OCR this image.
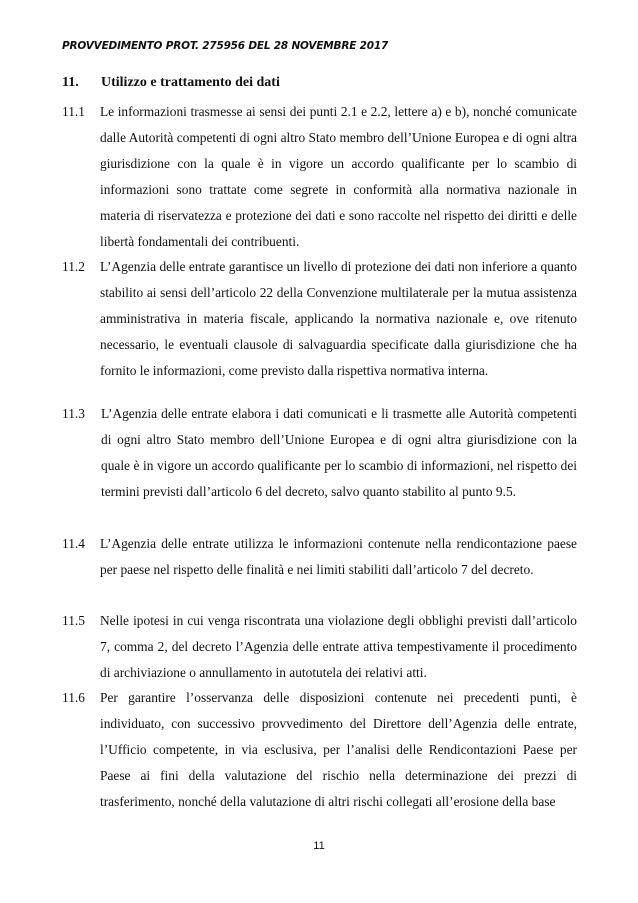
PROVVEDIMENTO PROT. 275956 DEL 28 NOVEMBRE 2017
11. Utilizzo e trattamento dei dati
11.1	Le informazioni trasmesse ai sensi dei punti 2.1 e 2.2, lettere a) e b), nonché comunicate dalle Autorità competenti di ogni altro Stato membro dell’Unione Europea e di ogni altra giurisdizione con la quale è in vigore un accordo qualificante per lo scambio di informazioni sono trattate come segrete in conformità alla normativa nazionale in materia di riservatezza e protezione dei dati e sono raccolte nel rispetto dei diritti e delle libertà fondamentali dei contribuenti.
11.2	L’Agenzia delle entrate garantisce un livello di protezione dei dati non inferiore a quanto stabilito ai sensi dell’articolo 22 della Convenzione multilaterale per la mutua assistenza amministrativa in materia fiscale, applicando la normativa nazionale e, ove ritenuto necessario, le eventuali clausole di salvaguardia specificate dalla giurisdizione che ha fornito le informazioni, come previsto dalla rispettiva normativa interna.
11.3	L’Agenzia delle entrate elabora i dati comunicati e li trasmette alle Autorità competenti di ogni altro Stato membro dell’Unione Europea e di ogni altra giurisdizione con la quale è in vigore un accordo qualificante per lo scambio di informazioni, nel rispetto dei termini previsti dall’articolo 6 del decreto, salvo quanto stabilito al punto 9.5.
11.4	L’Agenzia delle entrate utilizza le informazioni contenute nella rendicontazione paese per paese nel rispetto delle finalità e nei limiti stabiliti dall’articolo 7 del decreto.
11.5	Nelle ipotesi in cui venga riscontrata una violazione degli obblighi previsti dall’articolo 7, comma 2, del decreto l’Agenzia delle entrate attiva tempestivamente il procedimento di archiviazione o annullamento in autotutela dei relativi atti.
11.6	Per garantire l’osservanza delle disposizioni contenute nei precedenti punti, è individuato, con successivo provvedimento del Direttore dell’Agenzia delle entrate, l’Ufficio competente, in via esclusiva, per l’analisi delle Rendicontazioni Paese per Paese ai fini della valutazione del rischio nella determinazione dei prezzi di trasferimento, nonché della valutazione di altri rischi collegati all’erosione della base
11
